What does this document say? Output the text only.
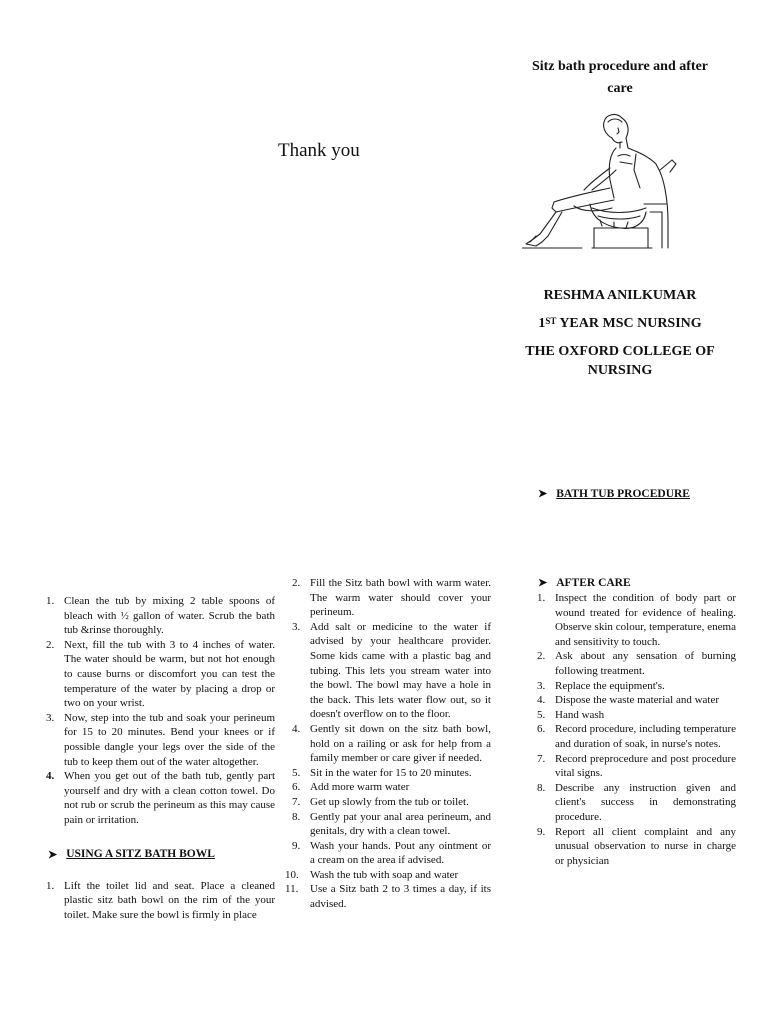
Sitz bath procedure and after
care
Thank you
RESHMA ANILKUMAR
1ST YEAR MSC NURSING
THE OXFORD COLLEGE OF
NURSING
➤ BATH TUB PROCEDURE
1. Clean the tub by mixing 2 table spoons of bleach with ½ gallon of water. Scrub the bath tub &rinse thoroughly.
2. Next, fill the tub with 3 to 4 inches of water. The water should be warm, but not hot enough to cause burns or discomfort you can test the temperature of the water by placing a drop or two on your wrist.
3. Now, step into the tub and soak your perineum for 15 to 20 minutes. Bend your knees or if possible dangle your legs over the side of the tub to keep them out of the water altogether.
4. When you get out of the bath tub, gently part yourself and dry with a clean cotton towel. Do not rub or scrub the perineum as this may cause pain or irritation.
➤ USING A SITZ BATH BOWL
1. Lift the toilet lid and seat. Place a cleaned plastic sitz bath bowl on the rim of the your toilet. Make sure the bowl is firmly in place
2. Fill the Sitz bath bowl with warm water. The warm water should cover your perineum.
3. Add salt or medicine to the water if advised by your healthcare provider. Some kids came with a plastic bag and tubing. This lets you stream water into the bowl. The bowl may have a hole in the back. This lets water flow out, so it doesn't overflow on to the floor.
4. Gently sit down on the sitz bath bowl, hold on a railing or ask for help from a family member or care giver if needed.
5. Sit in the water for 15 to 20 minutes.
6. Add more warm water
7. Get up slowly from the tub or toilet.
8. Gently pat your anal area perineum, and genitals, dry with a clean towel.
9. Wash your hands. Pout any ointment or a cream on the area if advised.
10.	Wash the tub with soap and water
11.	Use a Sitz bath 2 to 3 times a day, if its advised.
➤ AFTER CARE
1. Inspect the condition of body part or wound treated for evidence of healing. Observe skin colour, temperature, enema and sensitivity to touch.
2. Ask about any sensation of burning following treatment.
3. Replace the equipment's.
4. Dispose the waste material and water
5. Hand wash
6. Record procedure, including temperature and duration of soak, in nurse's notes.
7. Record preprocedure and post procedure vital signs.
8. Describe any instruction given and client's success in demonstrating procedure.
9. Report all client complaint and any unusual observation to nurse in charge or physician
